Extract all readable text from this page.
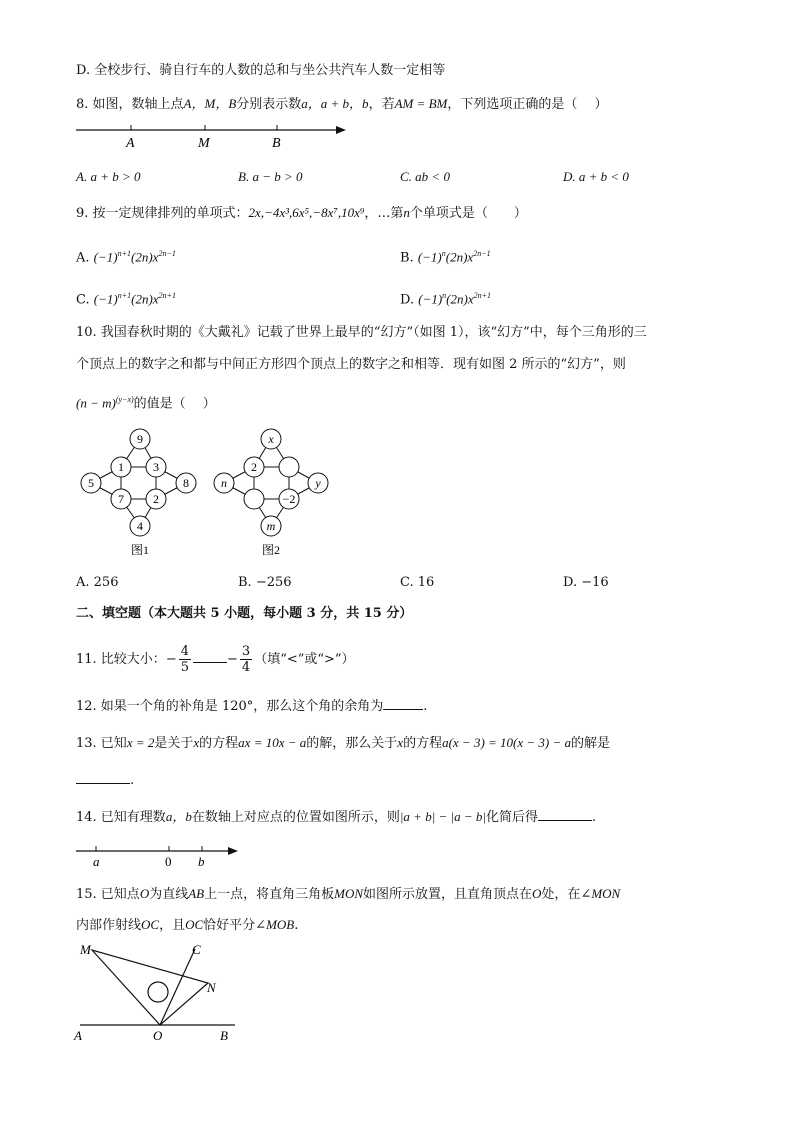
D. 全校步行、骑自行车的人数的总和与坐公共汽车人数一定相等
8. 如图，数轴上点A，M，B分别表示数a，a + b，b，若AM = BM，下列选项正确的是（　 ）
A	M	B
A. a + b > 0	B. a − b > 0	C. ab < 0	D. a + b < 0
9. 按一定规律排列的单项式：2x,−4x³,6x⁵,−8x⁷,10x⁹，…第n个单项式是（　　）
A. $(-1)^{n+1}(2n)x^{2n-1}$	B. $(-1)^n(2n)x^{2n-1}$
C. $(-1)^{n+1}(2n)x^{2n+1}$	D. $(-1)^n(2n)x^{2n+1}$
10. 我国春秋时期的《大戴礼》记载了世界上最早的“幻方”（如图 1），该“幻方”中，每个三角形的三
个顶点上的数字之和都与中间正方形四个顶点上的数字之和相等．现有如图 2 所示的“幻方”，则
$(n - m)^{(y-x)}$的值是（　 ）
9
5
1 3
8
7 2
4
图1
x
n
2
y
−2
m
图2
A. 256	B. −256	C. 16	D. −16
二、填空题（本大题共 5 小题，每小题 3 分，共 15 分）
11. 比较大小：− $\frac{4}{5}$	− $\frac{3}{4}$ （填“<”或“>”）
12. 如果一个角的补角是 120°，那么这个角的余角为	.
13. 已知x = 2是关于x的方程ax = 10x − a的解，那么关于x的方程a(x − 3) = 10(x − 3) − a的解是
.
14. 已知有理数a，b在数轴上对应点的位置如图所示，则|a + b| − |a − b|化简后得	.
a	0 b
15. 已知点O为直线AB上一点，将直角三角板MON如图所示放置，且直角顶点在O处，在∠MON
内部作射线OC，且OC恰好平分∠MOB.
M	C
N
A	O	B
